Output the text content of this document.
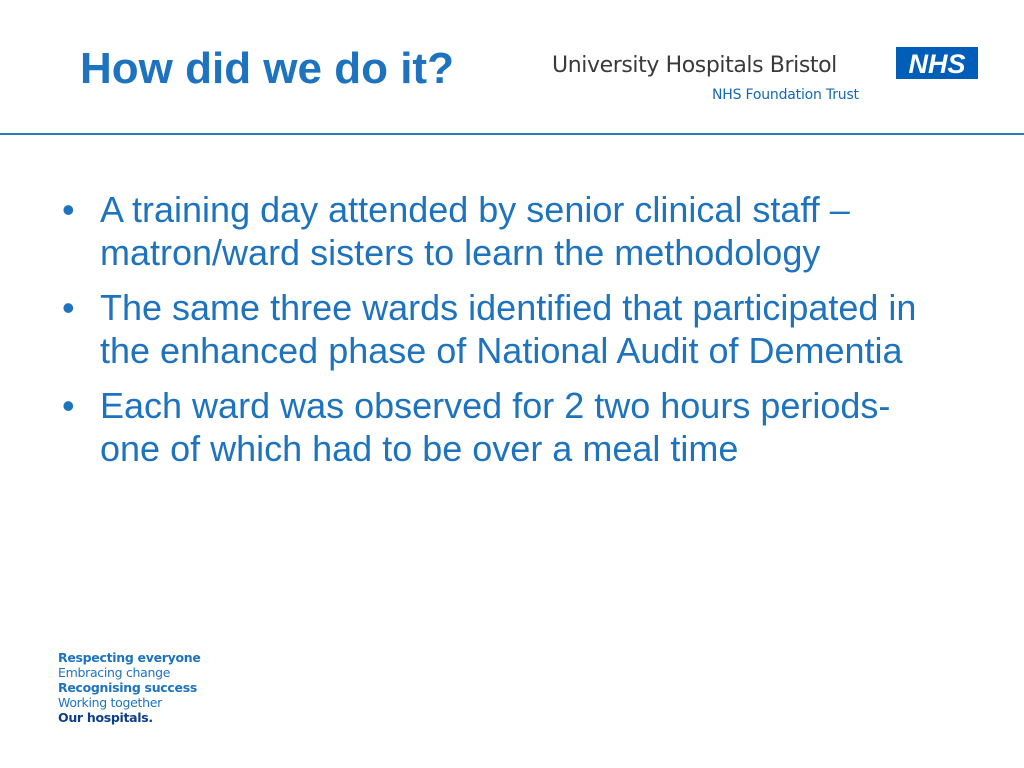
How did we do it?	University Hospitals Bristol
NHS Foundation Trust
NHS
• A training day attended by senior clinical staff – matron/ward sisters to learn the methodology
• The same three wards identified that participated in the enhanced phase of National Audit of Dementia
• Each ward was observed for 2 two hours periods- one of which had to be over a meal time
Respecting everyone
Embracing change
Recognising success
Working together
Our hospitals.
